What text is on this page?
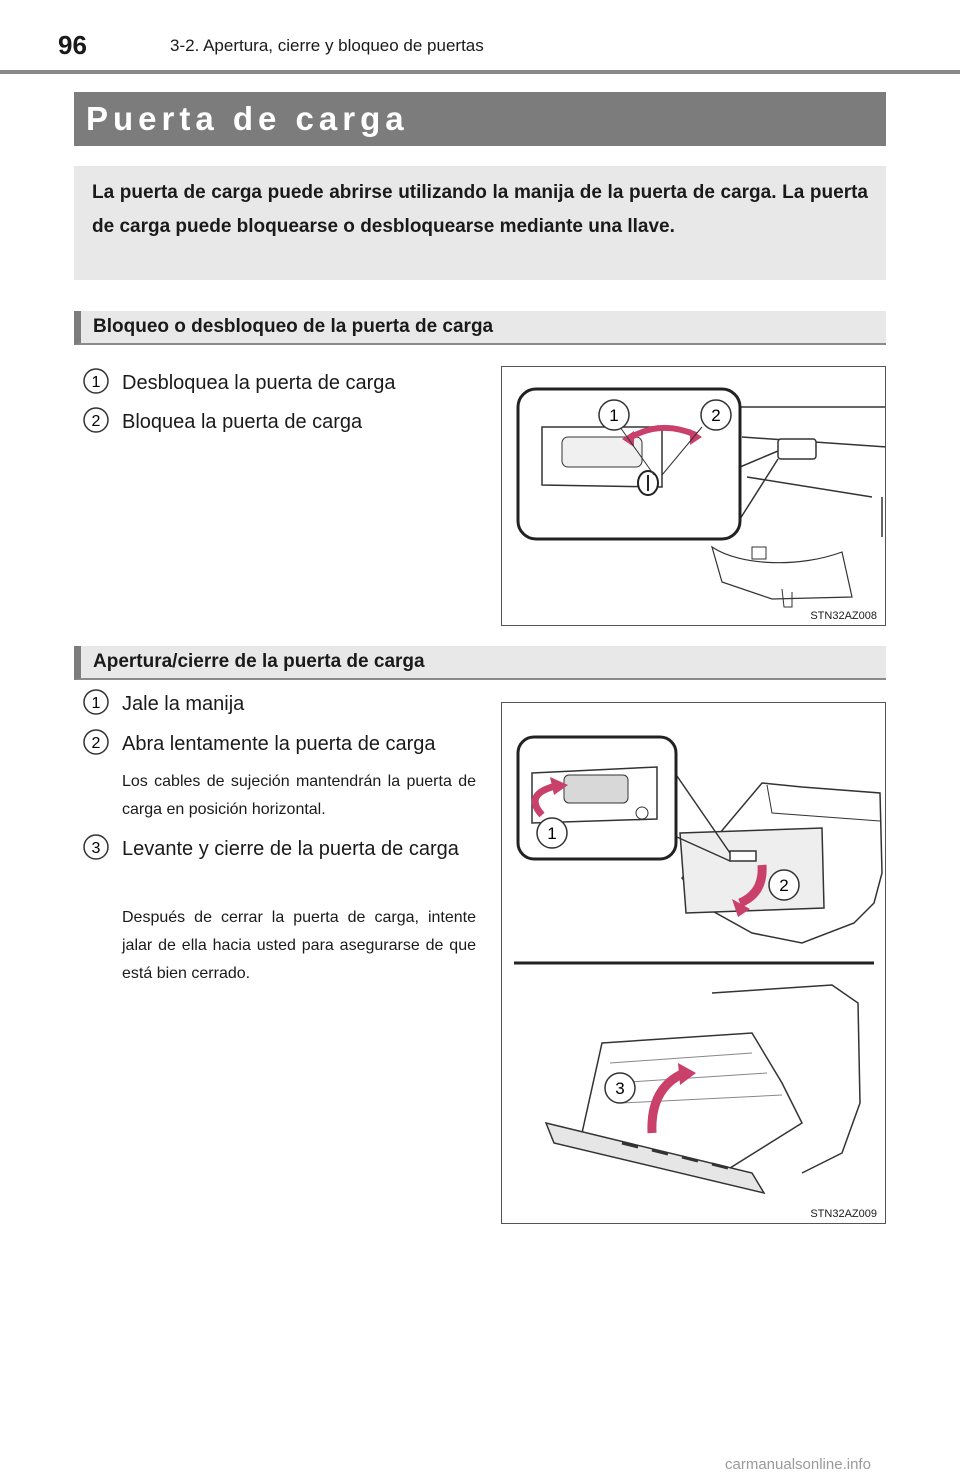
96	3-2. Apertura, cierre y bloqueo de puertas
Puerta de carga

La puerta de carga puede abrirse utilizando la manija de la puerta de carga. La puerta de carga puede bloquearse o desbloquearse mediante una llave.

Bloqueo o desbloqueo de la puerta de carga
1 Desbloquea la puerta de carga
2 Bloquea la puerta de carga	1	2
STN32AZ008
Apertura/cierre de la puerta de carga
1 Jale la manija
2 Abra lentamente la puerta de carga
Los cables de sujeción mantendrán la puerta de carga en posición horizontal.
3 Levante y cierre de la puerta de carga
Después de cerrar la puerta de carga, intente jalar de ella hacia usted para asegurarse de que está bien cerrado.
2
1
3
STN32AZ009
carmanualsonline.info
